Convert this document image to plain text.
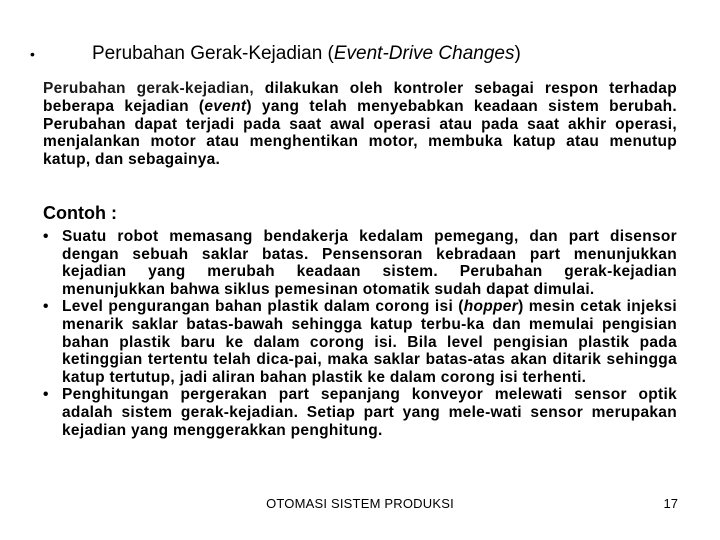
•	Perubahan Gerak-Kejadian (Event-Drive Changes)
Perubahan gerak-kejadian, dilakukan oleh kontroler sebagai respon terhadap beberapa kejadian (event) yang telah menyebabkan keadaan sistem berubah. Perubahan dapat terjadi pada saat awal operasi atau pada saat akhir operasi, menjalankan motor atau menghentikan motor, membuka katup atau menutup katup, dan sebagainya.
Contoh :
• Suatu robot memasang bendakerja kedalam pemegang, dan part disensor dengan sebuah saklar batas. Pensensoran kebradaan part menunjukkan kejadian yang merubah keadaan sistem. Perubahan gerak-kejadian menunjukkan bahwa siklus pemesinan otomatik sudah dapat dimulai.
• Level pengurangan bahan plastik dalam corong isi (hopper) mesin cetak injeksi menarik saklar batas-bawah sehingga katup terbu-ka dan memulai pengisian bahan plastik baru ke dalam corong isi. Bila level pengisian plastik pada ketinggian tertentu telah dica-pai, maka saklar batas-atas akan ditarik sehingga katup tertutup, jadi aliran bahan plastik ke dalam corong isi terhenti.
• Penghitungan pergerakan part sepanjang konveyor melewati sensor optik adalah sistem gerak-kejadian. Setiap part yang mele-wati sensor merupakan kejadian yang menggerakkan penghitung.
OTOMASI SISTEM PRODUKSI	17
